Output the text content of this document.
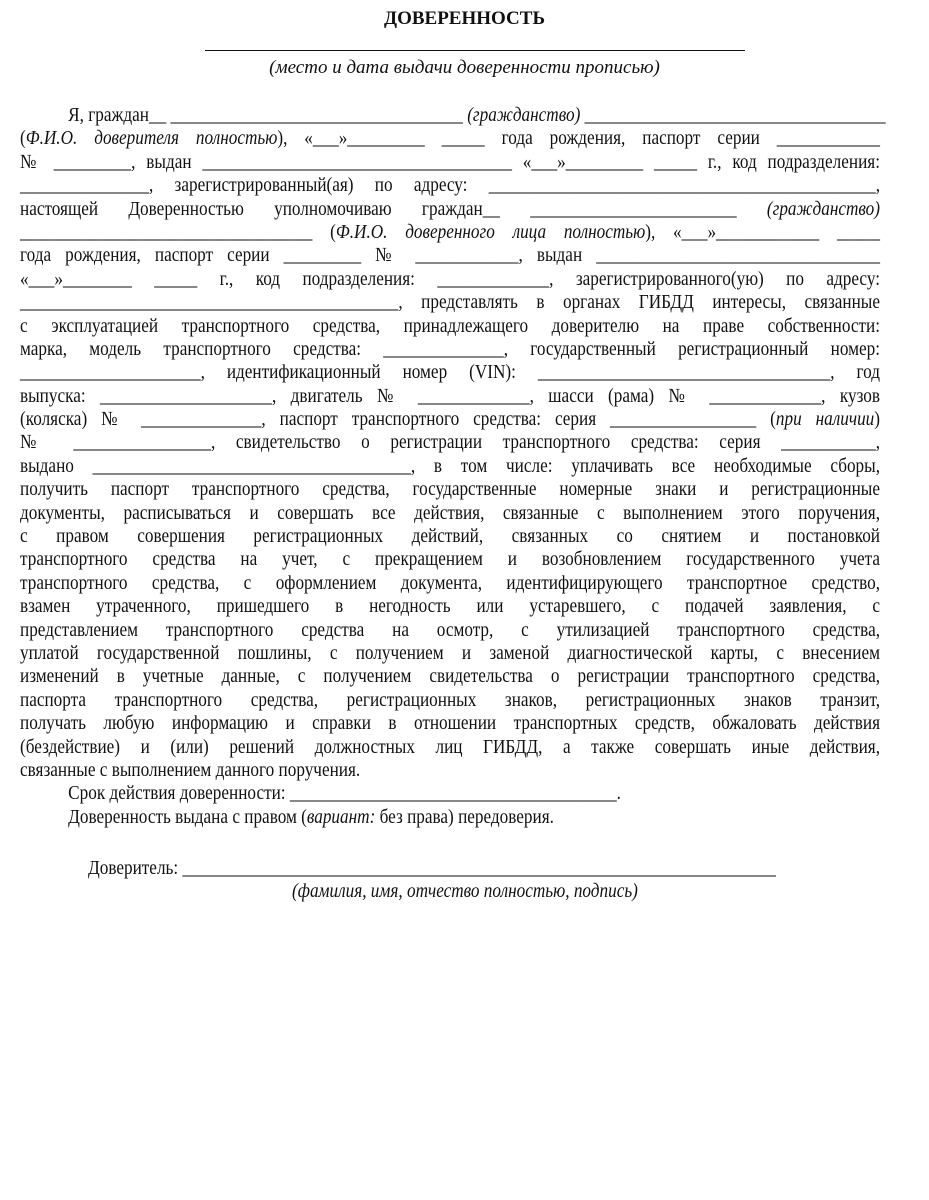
ДОВЕРЕННОСТЬ
(место и дата выдачи доверенности прописью)
Я, граждан__ __________________________________ (гражданство) ___________________________________
(Ф.И.О. доверителя полностью), «___»_________ _____ года рождения, паспорт серии ____________
№ _________, выдан ____________________________________ «___»_________ _____ г., код подразделения:
_______________, зарегистрированный(ая) по адресу: _____________________________________________,
настоящей Доверенностью уполномочиваю граждан__ ________________________ (гражданство)
__________________________________ (Ф.И.О. доверенного лица полностью), «___»____________ _____
года рождения, паспорт серии _________ № ____________, выдан _________________________________
«___»________ _____ г., код подразделения: _____________, зарегистрированного(ую) по адресу:
____________________________________________, представлять в органах ГИБДД интересы, связанные
с эксплуатацией транспортного средства, принадлежащего доверителю на праве собственности:
марка, модель транспортного средства: ______________, государственный регистрационный номер:
_____________________, идентификационный номер (VIN): __________________________________, год
выпуска: ____________________, двигатель № _____________, шасси (рама) № _____________, кузов
(коляска) № ______________, паспорт транспортного средства: серия _________________ (при наличии)
№ ________________, свидетельство о регистрации транспортного средства: серия ___________,
выдано _____________________________________, в том числе: уплачивать все необходимые сборы,
получить паспорт транспортного средства, государственные номерные знаки и регистрационные
документы, расписываться и совершать все действия, связанные с выполнением этого поручения,
с правом совершения регистрационных действий, связанных со снятием и постановкой
транспортного средства на учет, с прекращением и возобновлением государственного учета
транспортного средства, с оформлением документа, идентифицирующего транспортное средство,
взамен утраченного, пришедшего в негодность или устаревшего, с подачей заявления, с
представлением транспортного средства на осмотр, с утилизацией транспортного средства,
уплатой государственной пошлины, с получением и заменой диагностической карты, с внесением
изменений в учетные данные, с получением свидетельства о регистрации транспортного средства,
паспорта транспортного средства, регистрационных знаков, регистрационных знаков транзит,
получать любую информацию и справки в отношении транспортных средств, обжаловать действия
(бездействие) и (или) решений должностных лиц ГИБДД, а также совершать иные действия,
связанные с выполнением данного поручения.
Срок действия доверенности: ______________________________________.
Доверенность выдана с правом (вариант: без права) передоверия.
Доверитель: _____________________________________________________________________
(фамилия, имя, отчество полностью, подпись)
